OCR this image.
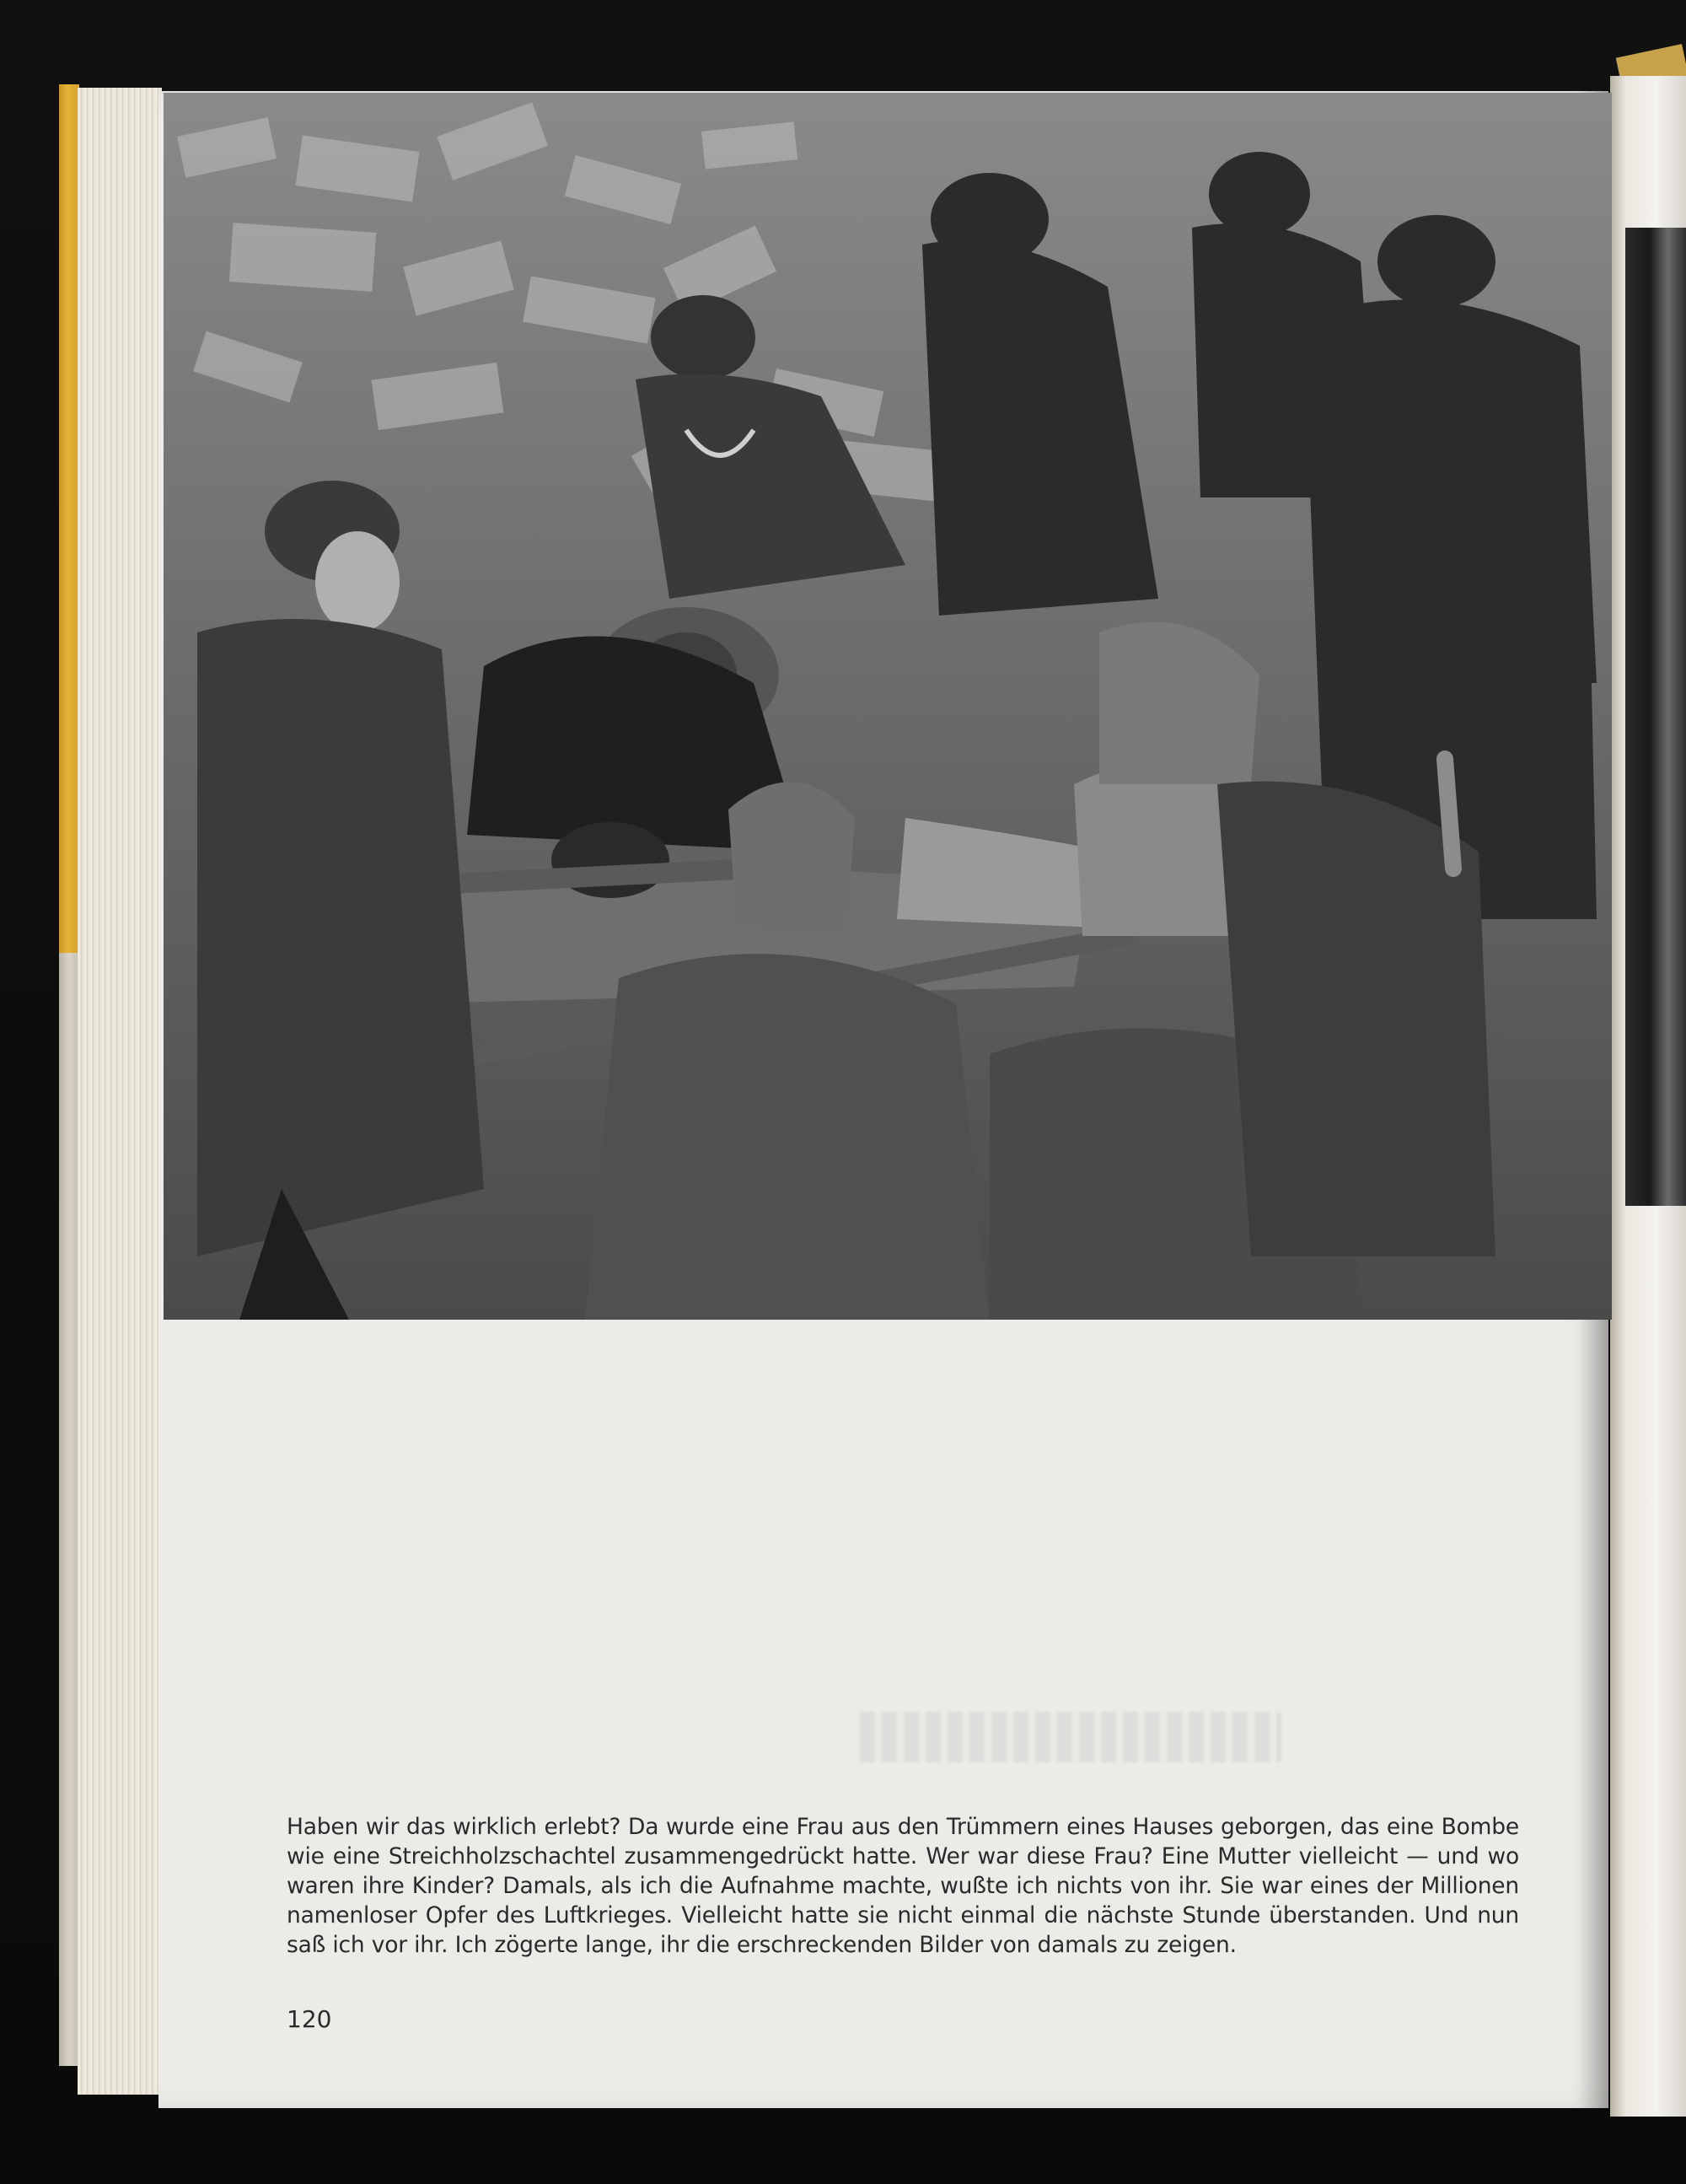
Haben wir das wirklich erlebt? Da wurde eine Frau aus den Trümmern eines Hauses geborgen, das eine Bombe wie eine Streichholzschachtel zusammengedrückt hatte. Wer war diese Frau? Eine Mutter vielleicht — und wo waren ihre Kinder? Damals, als ich die Aufnahme machte, wußte ich nichts von ihr. Sie war eines der Millionen namenloser Opfer des Luftkrieges. Vielleicht hatte sie nicht einmal die nächste Stunde überstanden. Und nun saß ich vor ihr. Ich zögerte lange, ihr die erschreckenden Bilder von damals zu zeigen.

120
